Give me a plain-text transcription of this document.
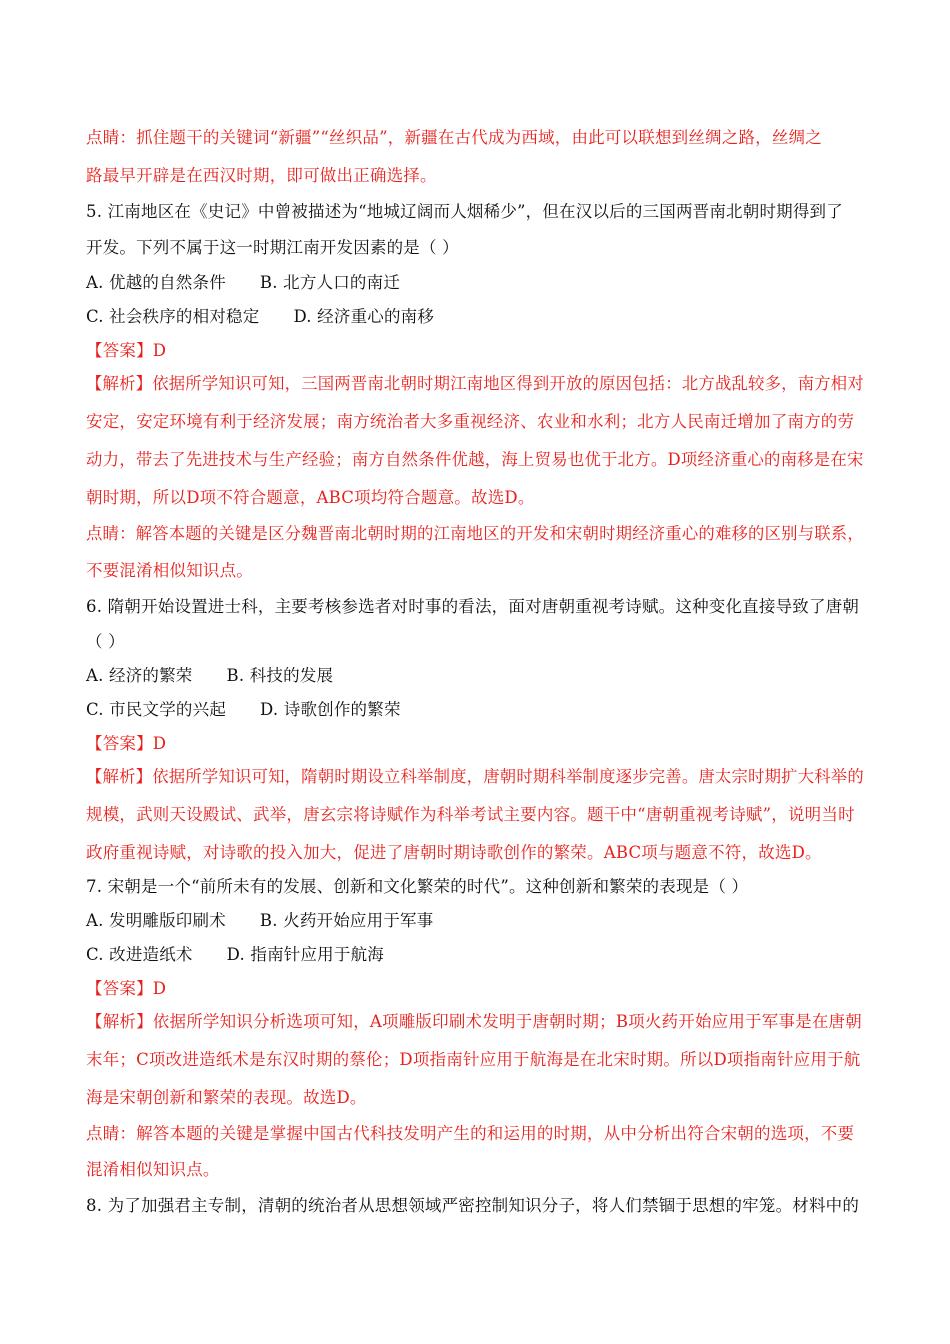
点睛：抓住题干的关键词“新疆”“丝织品”，新疆在古代成为西域，由此可以联想到丝绸之路，丝绸之
路最早开辟是在西汉时期，即可做出正确选择。
5. 江南地区在《史记》中曾被描述为“地城辽阔而人烟稀少”，但在汉以后的三国两晋南北朝时期得到了
开发。下列不属于这一时期江南开发因素的是（ ）
A. 优越的自然条件 B. 北方人口的南迁
C. 社会秩序的相对稳定 D. 经济重心的南移
【答案】D
【解析】依据所学知识可知，三国两晋南北朝时期江南地区得到开放的原因包括：北方战乱较多，南方相对
安定，安定环境有利于经济发展；南方统治者大多重视经济、农业和水利；北方人民南迁增加了南方的劳
动力，带去了先进技术与生产经验；南方自然条件优越，海上贸易也优于北方。D项经济重心的南移是在宋
朝时期，所以D项不符合题意，ABC项均符合题意。故选D。
点睛：解答本题的关键是区分魏晋南北朝时期的江南地区的开发和宋朝时期经济重心的难移的区别与联系，
不要混淆相似知识点。
6. 隋朝开始设置进士科，主要考核参选者对时事的看法，面对唐朝重视考诗赋。这种变化直接导致了唐朝
（ ）
A. 经济的繁荣 B. 科技的发展
C. 市民文学的兴起 D. 诗歌创作的繁荣
【答案】D
【解析】依据所学知识可知，隋朝时期设立科举制度，唐朝时期科举制度逐步完善。唐太宗时期扩大科举的
规模，武则天设殿试、武举，唐玄宗将诗赋作为科举考试主要内容。题干中“唐朝重视考诗赋”，说明当时
政府重视诗赋，对诗歌的投入加大，促进了唐朝时期诗歌创作的繁荣。ABC项与题意不符，故选D。
7. 宋朝是一个“前所未有的发展、创新和文化繁荣的时代”。这种创新和繁荣的表现是（ ）
A. 发明雕版印刷术 B. 火药开始应用于军事
C. 改进造纸术 D. 指南针应用于航海
【答案】D
【解析】依据所学知识分析选项可知，A项雕版印刷术发明于唐朝时期；B项火药开始应用于军事是在唐朝
末年；C项改进造纸术是东汉时期的蔡伦；D项指南针应用于航海是在北宋时期。所以D项指南针应用于航
海是宋朝创新和繁荣的表现。故选D。
点睛：解答本题的关键是掌握中国古代科技发明产生的和运用的时期，从中分析出符合宋朝的选项，不要
混淆相似知识点。
8. 为了加强君主专制，清朝的统治者从思想领域严密控制知识分子，将人们禁锢于思想的牢笼。材料中的
